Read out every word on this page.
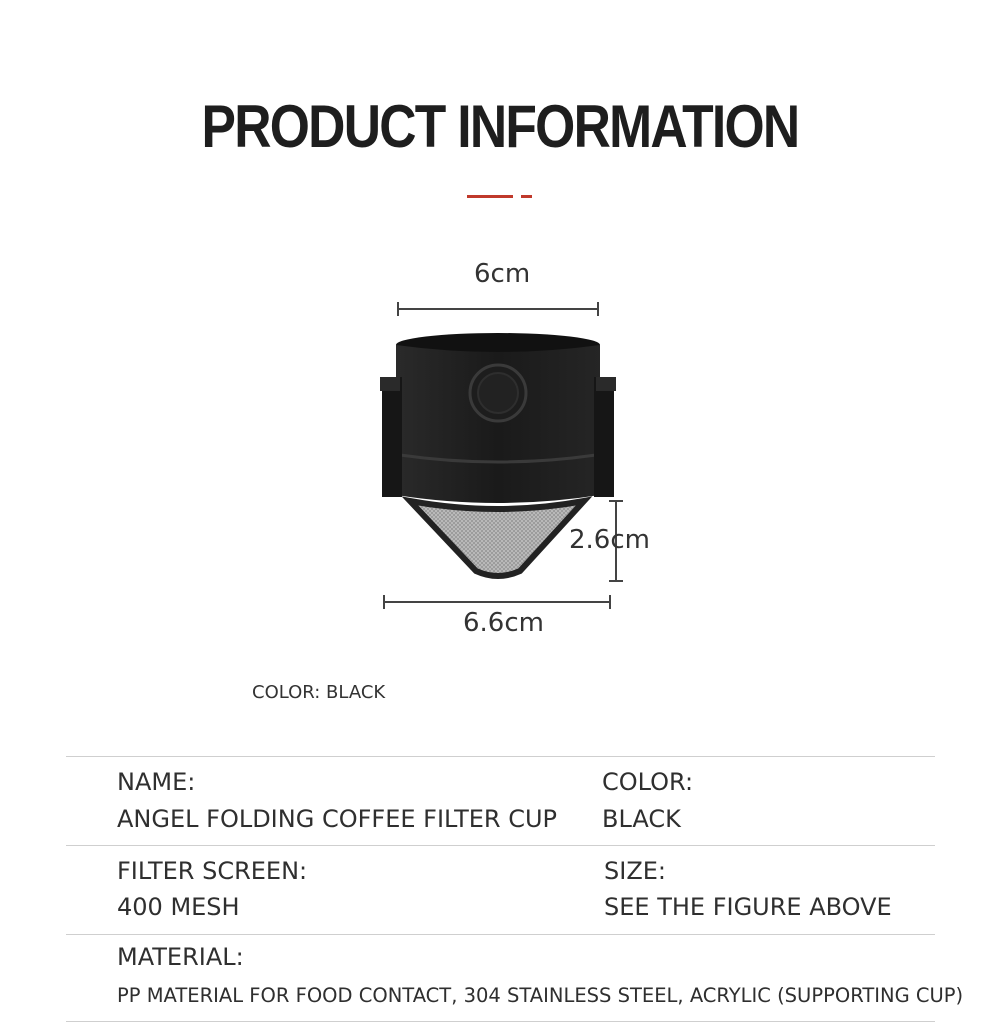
PRODUCT INFORMATION
6cm
2.6cm
6.6cm
COLOR: BLACK
NAME:
ANGEL FOLDING COFFEE FILTER CUP
COLOR:
BLACK
FILTER SCREEN:
400 MESH
SIZE:
SEE THE FIGURE ABOVE
MATERIAL:
PP MATERIAL FOR FOOD CONTACT, 304 STAINLESS STEEL, ACRYLIC (SUPPORTING CUP)
